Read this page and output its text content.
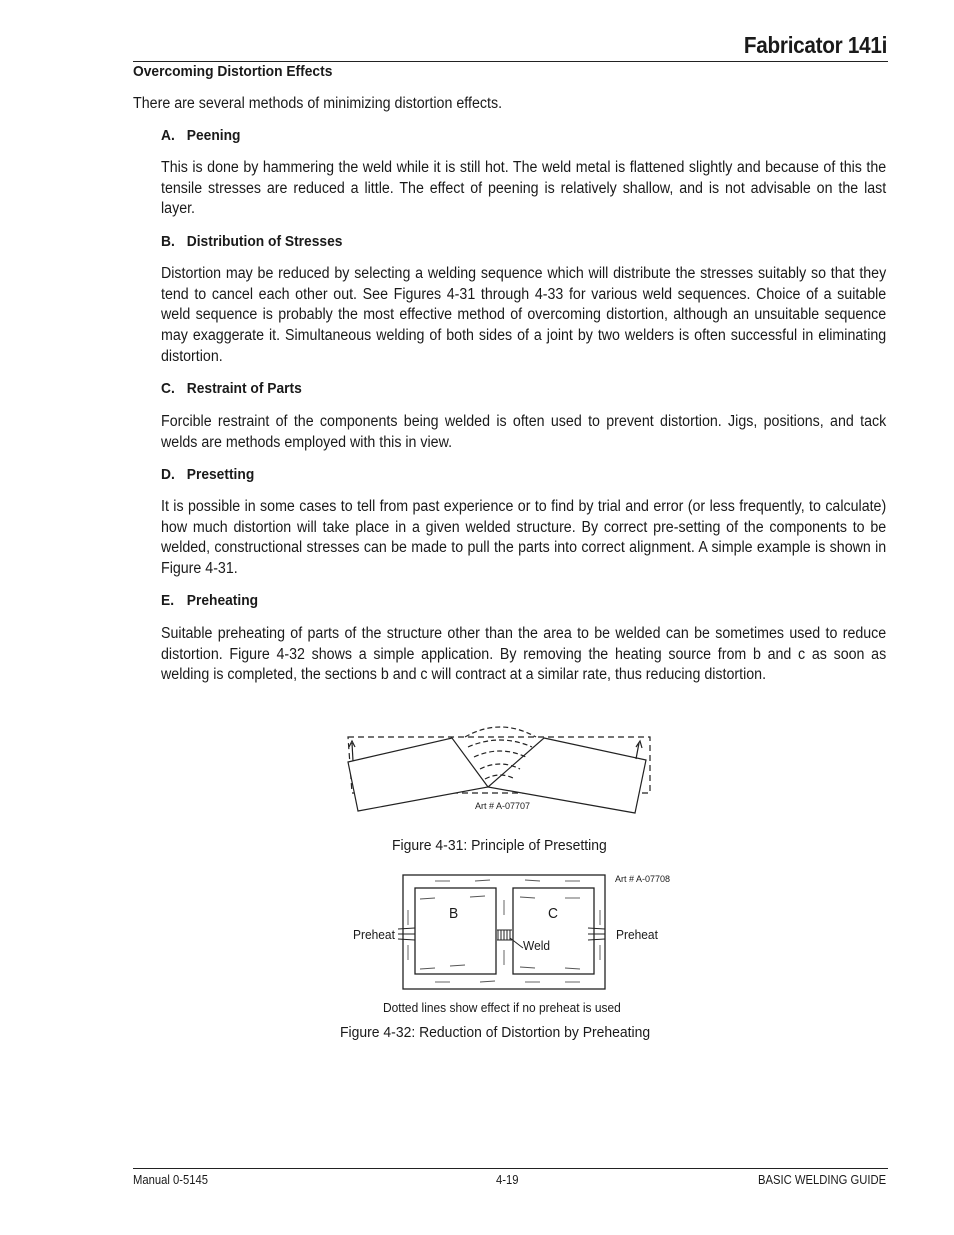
Fabricator 141i
Overcoming Distortion Effects
There are several methods of minimizing distortion effects.
A. Peening
This is done by hammering the weld while it is still hot. The weld metal is flattened slightly and because of this the tensile stresses are reduced a little. The effect of peening is relatively shallow, and is not advisable on the last layer.
B. Distribution of Stresses
Distortion may be reduced by selecting a welding sequence which will distribute the stresses suitably so that they tend to cancel each other out. See Figures 4-31 through 4-33 for various weld sequences. Choice of a suitable weld sequence is probably the most effective method of overcoming distortion, although an unsuitable sequence may exaggerate it. Simultaneous welding of both sides of a joint by two welders is often successful in eliminating distortion.
C. Restraint of Parts
Forcible restraint of the components being welded is often used to prevent distortion. Jigs, positions, and tack welds are methods employed with this in view.
D. Presetting
It is possible in some cases to tell from past experience or to find by trial and error (or less frequently, to calculate) how much distortion will take place in a given welded structure. By correct pre-setting of the components to be welded, constructional stresses can be made to pull the parts into correct alignment. A simple example is shown in Figure 4-31.
E. Preheating
Suitable preheating of parts of the structure other than the area to be welded can be sometimes used to reduce distortion. Figure 4-32 shows a simple application. By removing the heating source from b and c as soon as welding is completed, the sections b and c will contract at a similar rate, thus reducing distortion.
Art # A-07707
Figure 4-31: Principle of Presetting
Art # A-07708
B	C
Preheat	Preheat
Weld
Dotted lines show effect if no preheat is used
Figure 4-32: Reduction of Distortion by Preheating
Manual 0-5145	4-19	BASIC WELDING GUIDE
